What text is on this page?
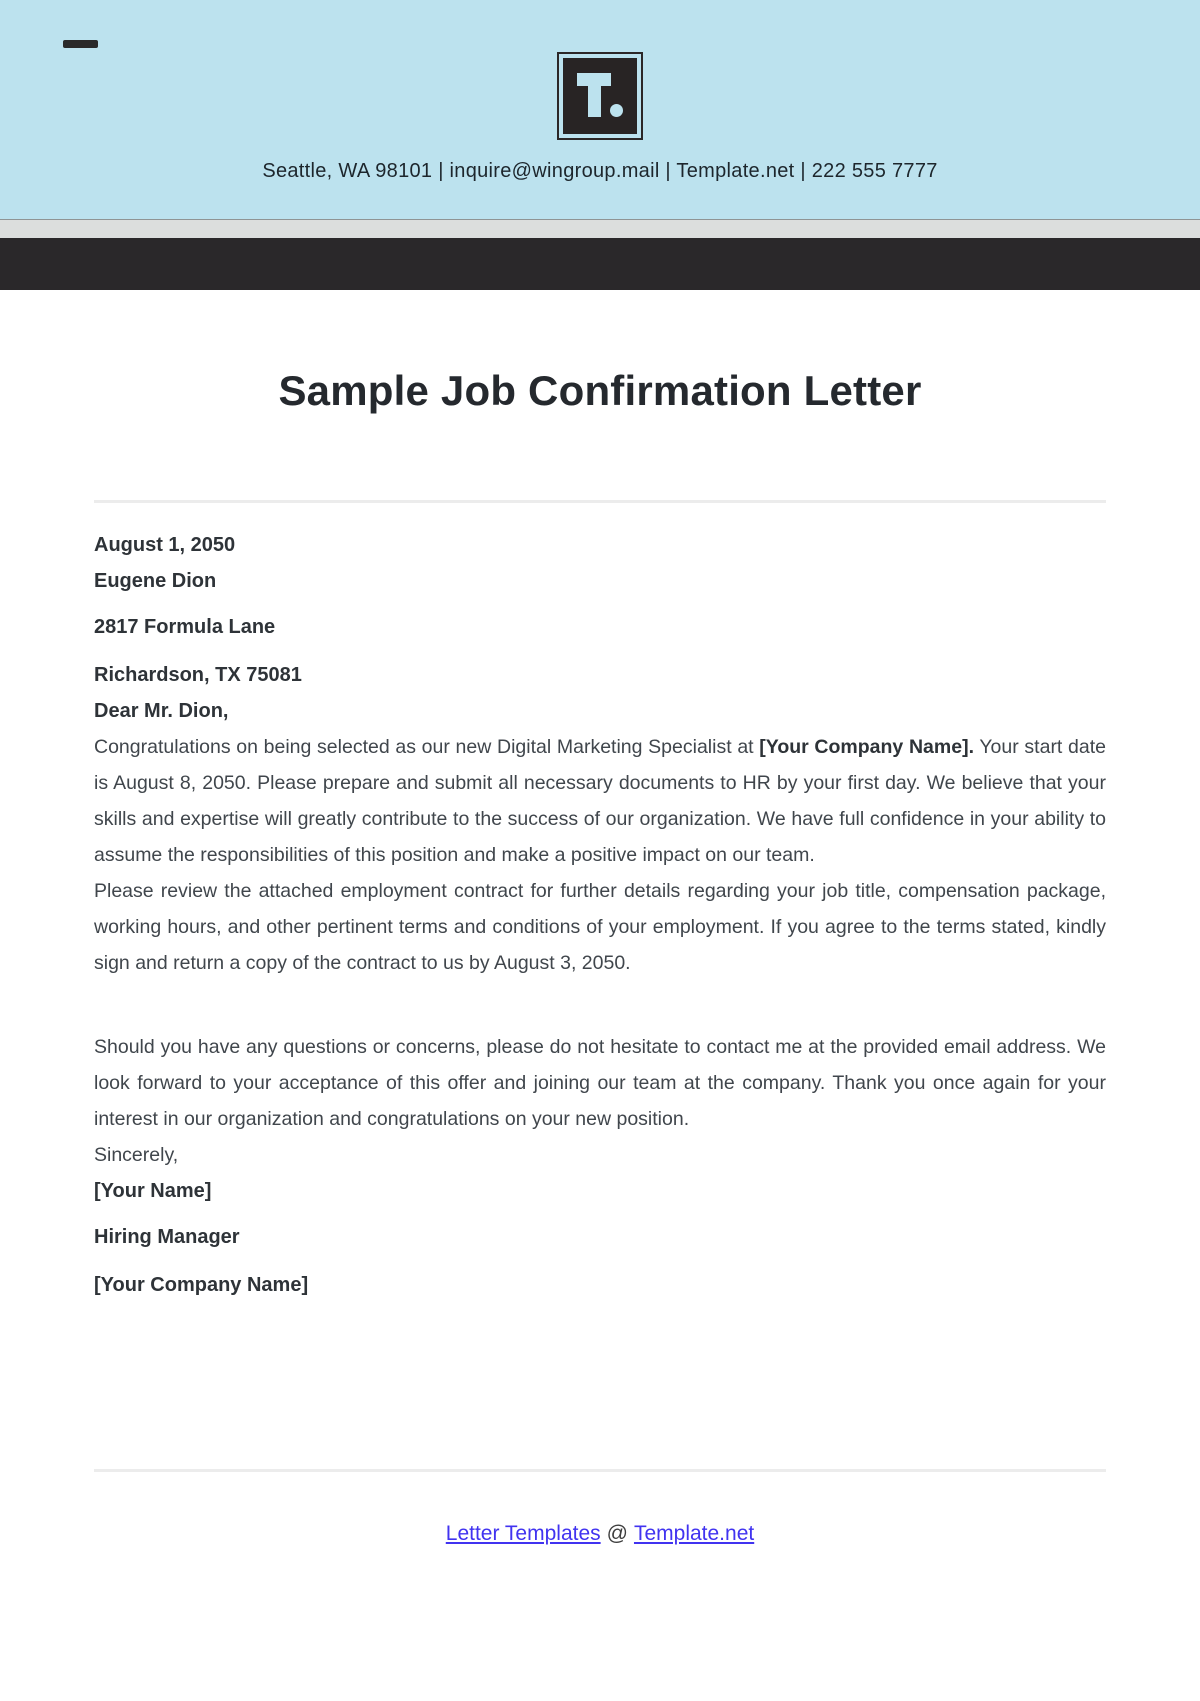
Seattle, WA 98101 | inquire@wingroup.mail | Template.net | 222 555 7777
Sample Job Confirmation Letter
August 1, 2050
Eugene Dion
2817 Formula Lane
Richardson, TX 75081
Dear Mr. Dion,

Congratulations on being selected as our new Digital Marketing Specialist at [Your Company Name]. Your start date is August 8, 2050. Please prepare and submit all necessary documents to HR by your first day. We believe that your skills and expertise will greatly contribute to the success of our organization. We have full confidence in your ability to assume the responsibilities of this position and make a positive impact on our team.

Please review the attached employment contract for further details regarding your job title, compensation package, working hours, and other pertinent terms and conditions of your employment. If you agree to the terms stated, kindly sign and return a copy of the contract to us by August 3, 2050.

Should you have any questions or concerns, please do not hesitate to contact me at the provided email address. We look forward to your acceptance of this offer and joining our team at the company. Thank you once again for your interest in our organization and congratulations on your new position.

Sincerely,
[Your Name]
Hiring Manager
[Your Company Name]
Letter Templates @ Template.net
